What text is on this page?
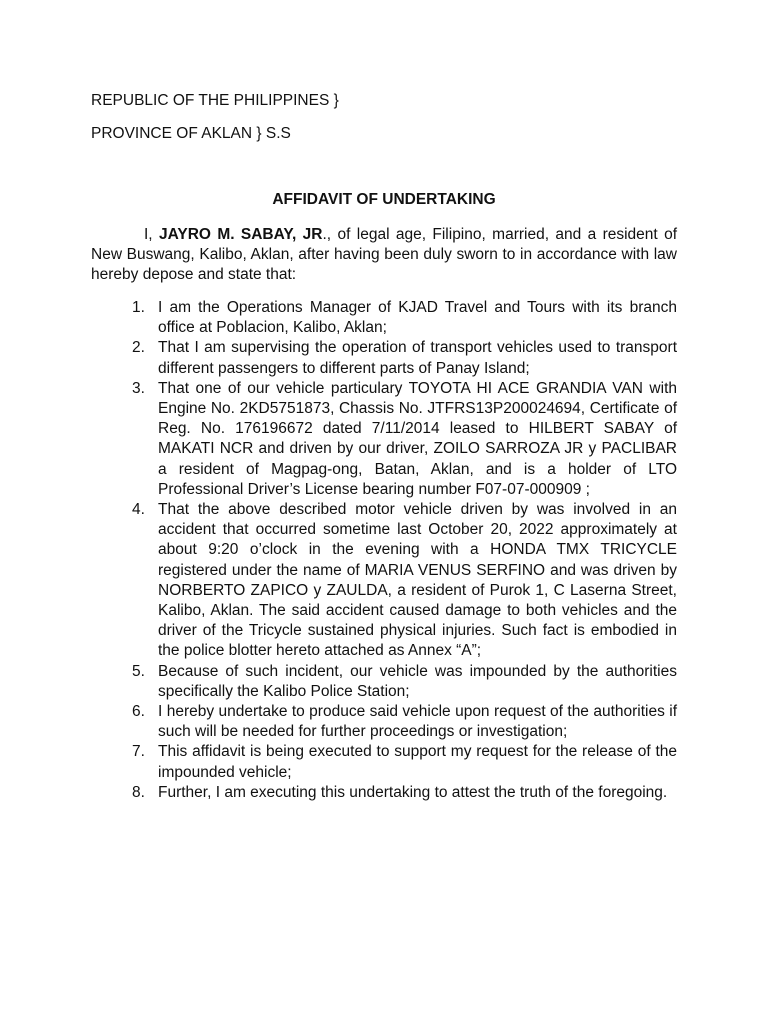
REPUBLIC OF THE PHILIPPINES }
PROVINCE OF AKLAN } S.S
AFFIDAVIT OF UNDERTAKING

I, JAYRO M. SABAY, JR., of legal age, Filipino, married, and a resident of New Buswang, Kalibo, Aklan, after having been duly sworn to in accordance with law hereby depose and state that:

1. I am the Operations Manager of KJAD Travel and Tours with its branch office at Poblacion, Kalibo, Aklan;
2. That I am supervising the operation of transport vehicles used to transport different passengers to different parts of Panay Island;
3. That one of our vehicle particulary TOYOTA HI ACE GRANDIA VAN with Engine No. 2KD5751873, Chassis No. JTFRS13P200024694, Certificate of Reg. No. 176196672 dated 7/11/2014 leased to HILBERT SABAY of MAKATI NCR and driven by our driver, ZOILO SARROZA JR y PACLIBAR a resident of Magpag-ong, Batan, Aklan, and is a holder of LTO Professional Driver’s License bearing number F07-07-000909 ;
4. That the above described motor vehicle driven by was involved in an accident that occurred sometime last October 20, 2022 approximately at about 9:20 o’clock in the evening with a HONDA TMX TRICYCLE registered under the name of MARIA VENUS SERFINO and was driven by NORBERTO ZAPICO y ZAULDA, a resident of Purok 1, C Laserna Street, Kalibo, Aklan. The said accident caused damage to both vehicles and the driver of the Tricycle sustained physical injuries. Such fact is embodied in the police blotter hereto attached as Annex “A”;
5. Because of such incident, our vehicle was impounded by the authorities specifically the Kalibo Police Station;
6. I hereby undertake to produce said vehicle upon request of the authorities if such will be needed for further proceedings or investigation;
7. This affidavit is being executed to support my request for the release of the impounded vehicle;
8. Further, I am executing this undertaking to attest the truth of the foregoing.
